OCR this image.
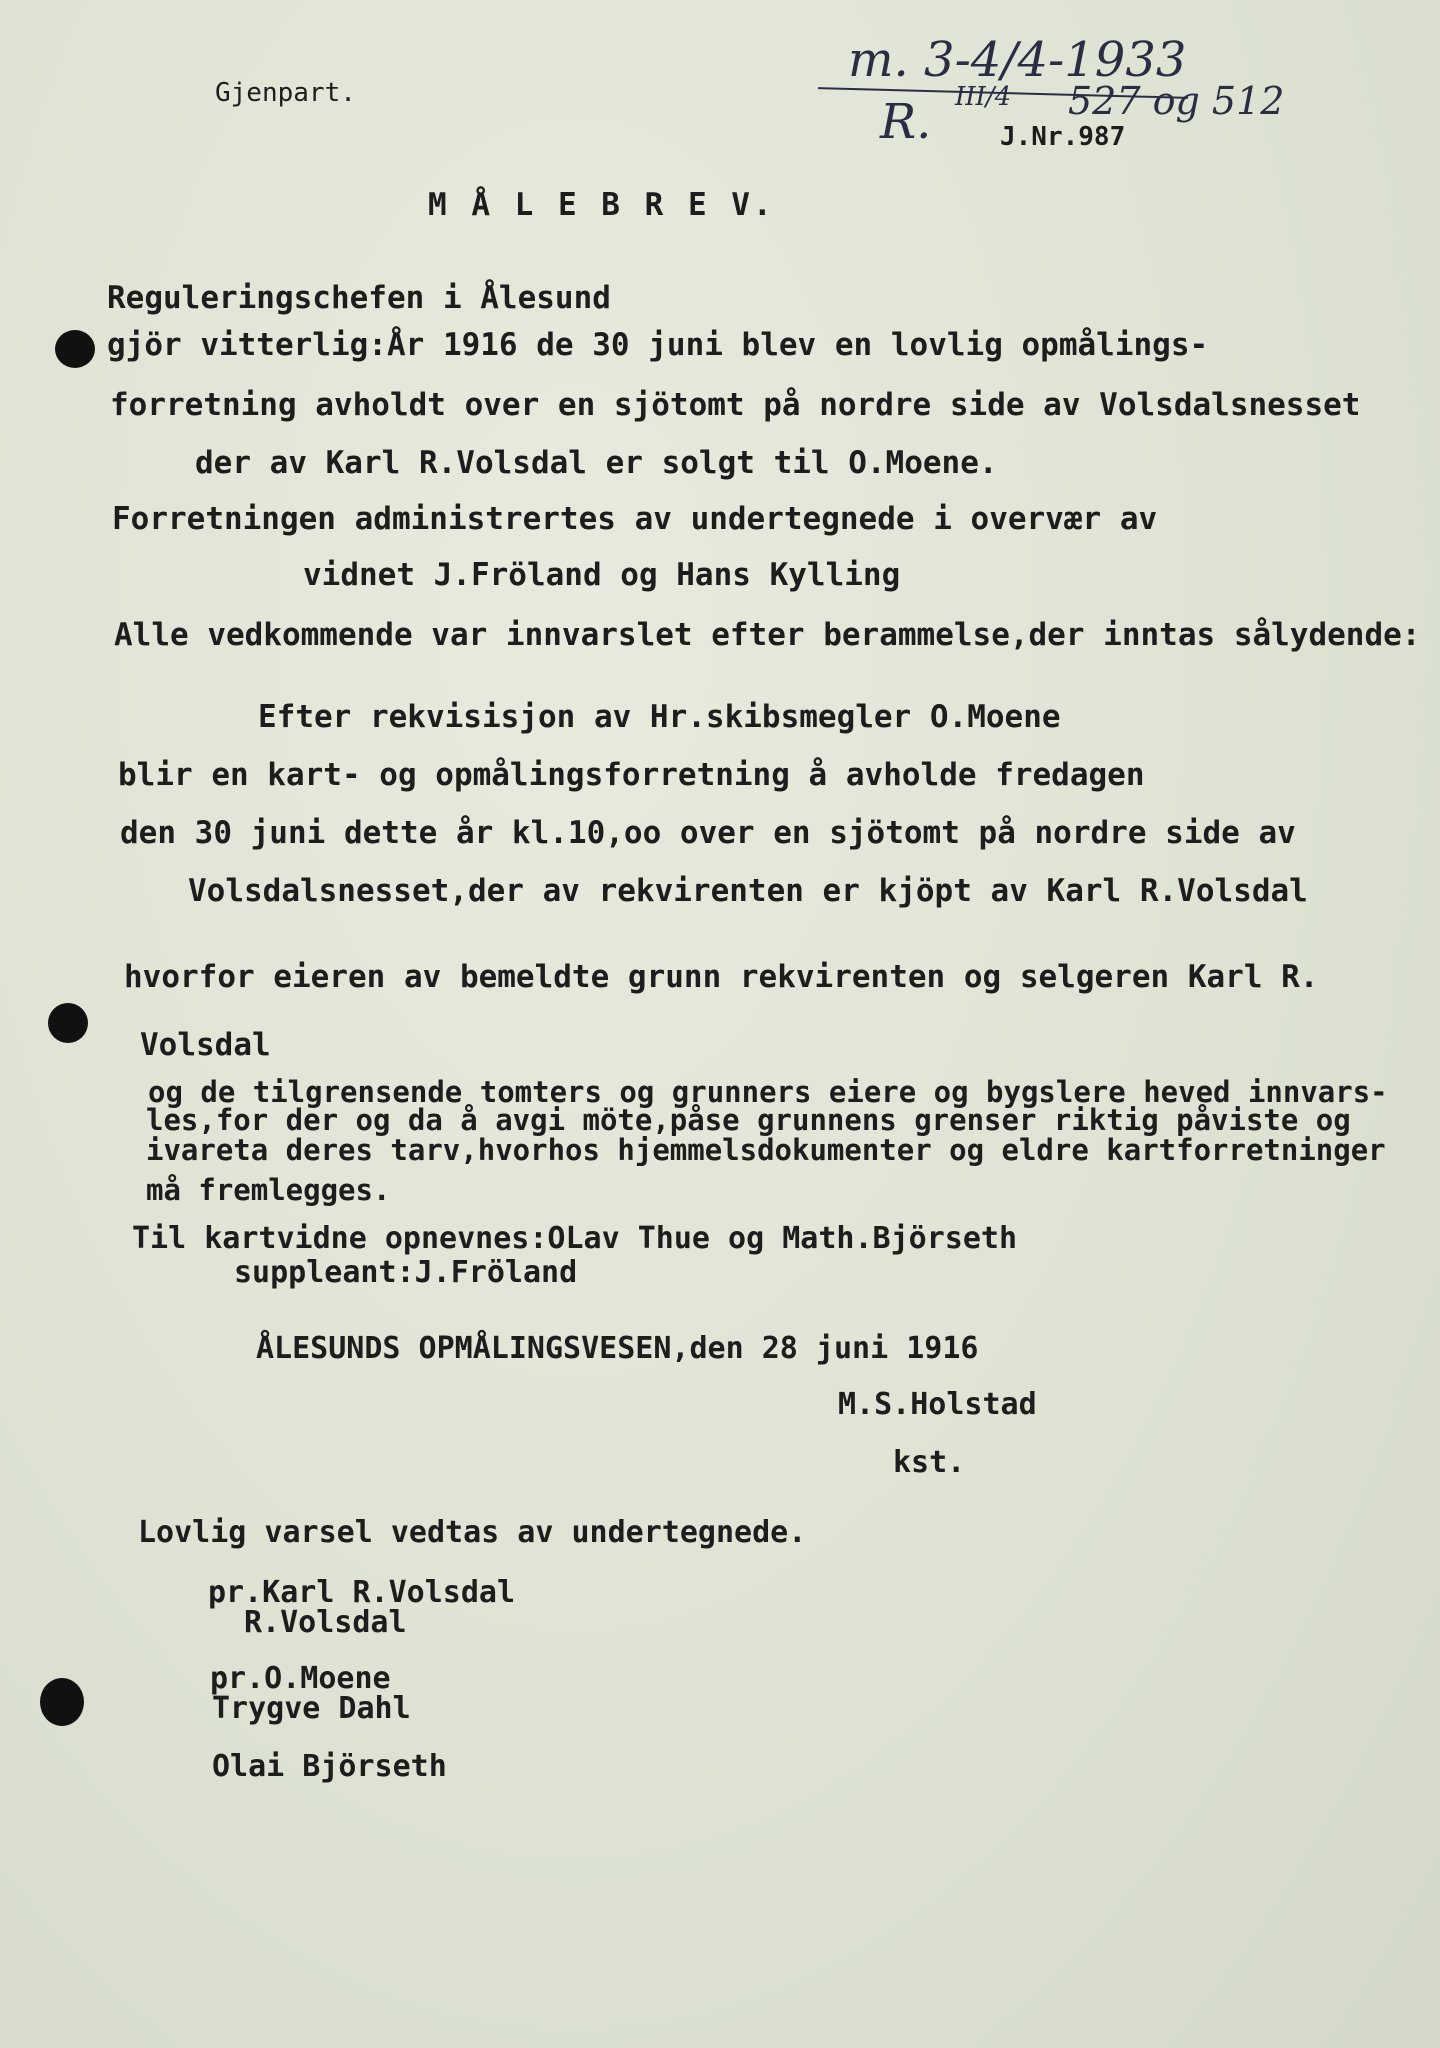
Gjenpart.
m. 3-4/4-1933
R. III/4 527 og 512
J.Nr.987
M Å L E B R E V.
Reguleringschefen i Ålesund
gjör vitterlig:År 1916 de 30 juni blev en lovlig opmålings-
forretning avholdt over en sjötomt på nordre side av Volsdalsnesset
der av Karl R.Volsdal er solgt til O.Moene.
Forretningen administrertes av undertegnede i overvær av
vidnet J.Fröland og Hans Kylling
Alle vedkommende var innvarslet efter berammelse,der inntas sålydende:
Efter rekvisisjon av Hr.skibsmegler O.Moene
blir en kart- og opmålingsforretning å avholde fredagen
den 30 juni dette år kl.10,oo over en sjötomt på nordre side av
Volsdalsnesset,der av rekvirenten er kjöpt av Karl R.Volsdal
hvorfor eieren av bemeldte grunn rekvirenten og selgeren Karl R.
Volsdal
og de tilgrensende tomters og grunners eiere og bygslere heved innvars-
les,for der og da å avgi möte,påse grunnens grenser riktig påviste og
ivareta deres tarv,hvorhos hjemmelsdokumenter og eldre kartforretninger
må fremlegges.
Til kartvidne opnevnes:OLav Thue og Math.Björseth
suppleant:J.Fröland
ÅLESUNDS OPMÅLINGSVESEN,den 28 juni 1916
M.S.Holstad
kst.
Lovlig varsel vedtas av undertegnede.
pr.Karl R.Volsdal
R.Volsdal
pr.O.Moene
Trygve Dahl
Olai Björseth
